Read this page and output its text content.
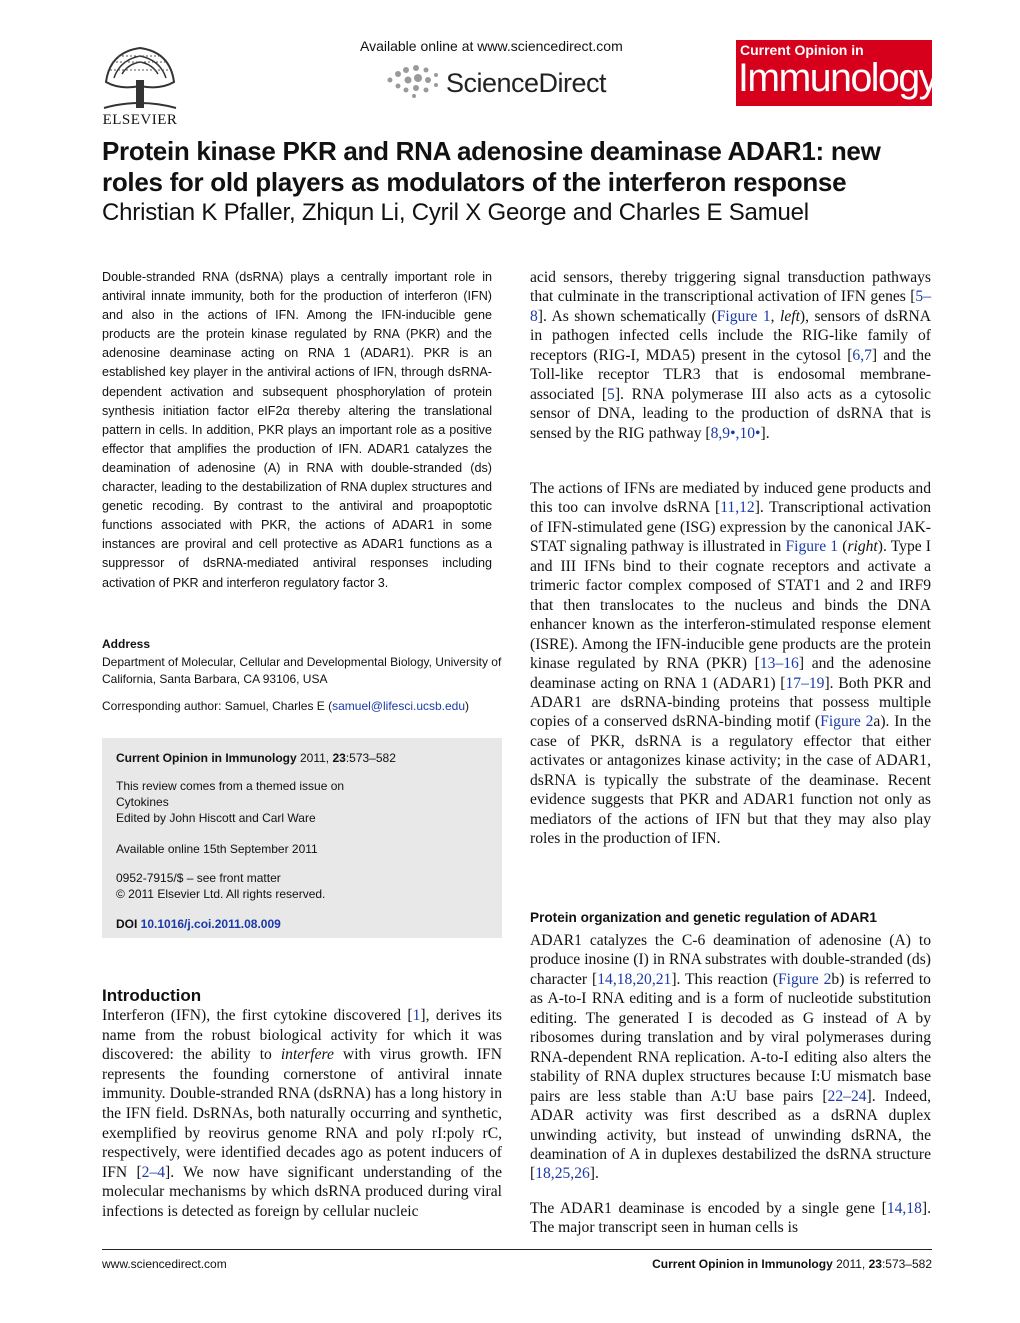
ELSEVIER
Available online at www.sciencedirect.com
ScienceDirect
Current Opinion in
Immunology
Protein kinase PKR and RNA adenosine deaminase ADAR1: new roles for old players as modulators of the interferon response
Christian K Pfaller, Zhiqun Li, Cyril X George and Charles E Samuel
Double-stranded RNA (dsRNA) plays a centrally important role in antiviral innate immunity, both for the production of interferon (IFN) and also in the actions of IFN. Among the IFN-inducible gene products are the protein kinase regulated by RNA (PKR) and the adenosine deaminase acting on RNA 1 (ADAR1). PKR is an established key player in the antiviral actions of IFN, through dsRNA-dependent activation and subsequent phosphorylation of protein synthesis initiation factor eIF2α thereby altering the translational pattern in cells. In addition, PKR plays an important role as a positive effector that amplifies the production of IFN. ADAR1 catalyzes the deamination of adenosine (A) in RNA with double-stranded (ds) character, leading to the destabilization of RNA duplex structures and genetic recoding. By contrast to the antiviral and proapoptotic functions associated with PKR, the actions of ADAR1 in some instances are proviral and cell protective as ADAR1 functions as a suppressor of dsRNA-mediated antiviral responses including activation of PKR and interferon regulatory factor 3.
Address
Department of Molecular, Cellular and Developmental Biology, University of California, Santa Barbara, CA 93106, USA
Corresponding author: Samuel, Charles E (samuel@lifesci.ucsb.edu)
Current Opinion in Immunology 2011, 23:573–582
This review comes from a themed issue on
Cytokines
Edited by John Hiscott and Carl Ware
Available online 15th September 2011
0952-7915/$ – see front matter
© 2011 Elsevier Ltd. All rights reserved.
DOI 10.1016/j.coi.2011.08.009
Introduction
Interferon (IFN), the first cytokine discovered [1], derives its name from the robust biological activity for which it was discovered: the ability to interfere with virus growth. IFN represents the founding cornerstone of antiviral innate immunity. Double-stranded RNA (dsRNA) has a long history in the IFN field. DsRNAs, both naturally occurring and synthetic, exemplified by reovirus genome RNA and poly rI:poly rC, respectively, were identified decades ago as potent inducers of IFN [2–4]. We now have significant understanding of the molecular mechanisms by which dsRNA produced during viral infections is detected as foreign by cellular nucleic
acid sensors, thereby triggering signal transduction pathways that culminate in the transcriptional activation of IFN genes [5–8]. As shown schematically (Figure 1, left), sensors of dsRNA in pathogen infected cells include the RIG-like family of receptors (RIG-I, MDA5) present in the cytosol [6,7] and the Toll-like receptor TLR3 that is endosomal membrane-associated [5]. RNA polymerase III also acts as a cytosolic sensor of DNA, leading to the production of dsRNA that is sensed by the RIG pathway [8,9•,10•].
The actions of IFNs are mediated by induced gene products and this too can involve dsRNA [11,12]. Transcriptional activation of IFN-stimulated gene (ISG) expression by the canonical JAK-STAT signaling pathway is illustrated in Figure 1 (right). Type I and III IFNs bind to their cognate receptors and activate a trimeric factor complex composed of STAT1 and 2 and IRF9 that then translocates to the nucleus and binds the DNA enhancer known as the interferon-stimulated response element (ISRE). Among the IFN-inducible gene products are the protein kinase regulated by RNA (PKR) [13–16] and the adenosine deaminase acting on RNA 1 (ADAR1) [17–19]. Both PKR and ADAR1 are dsRNA-binding proteins that possess multiple copies of a conserved dsRNA-binding motif (Figure 2a). In the case of PKR, dsRNA is a regulatory effector that either activates or antagonizes kinase activity; in the case of ADAR1, dsRNA is typically the substrate of the deaminase. Recent evidence suggests that PKR and ADAR1 function not only as mediators of the actions of IFN but that they may also play roles in the production of IFN.
Protein organization and genetic regulation of ADAR1
ADAR1 catalyzes the C-6 deamination of adenosine (A) to produce inosine (I) in RNA substrates with double-stranded (ds) character [14,18,20,21]. This reaction (Figure 2b) is referred to as A-to-I RNA editing and is a form of nucleotide substitution editing. The generated I is decoded as G instead of A by ribosomes during translation and by viral polymerases during RNA-dependent RNA replication. A-to-I editing also alters the stability of RNA duplex structures because I:U mismatch base pairs are less stable than A:U base pairs [22–24]. Indeed, ADAR activity was first described as a dsRNA duplex unwinding activity, but instead of unwinding dsRNA, the deamination of A in duplexes destabilized the dsRNA structure [18,25,26].
The ADAR1 deaminase is encoded by a single gene [14,18]. The major transcript seen in human cells is
www.sciencedirect.com	Current Opinion in Immunology 2011, 23:573–582
